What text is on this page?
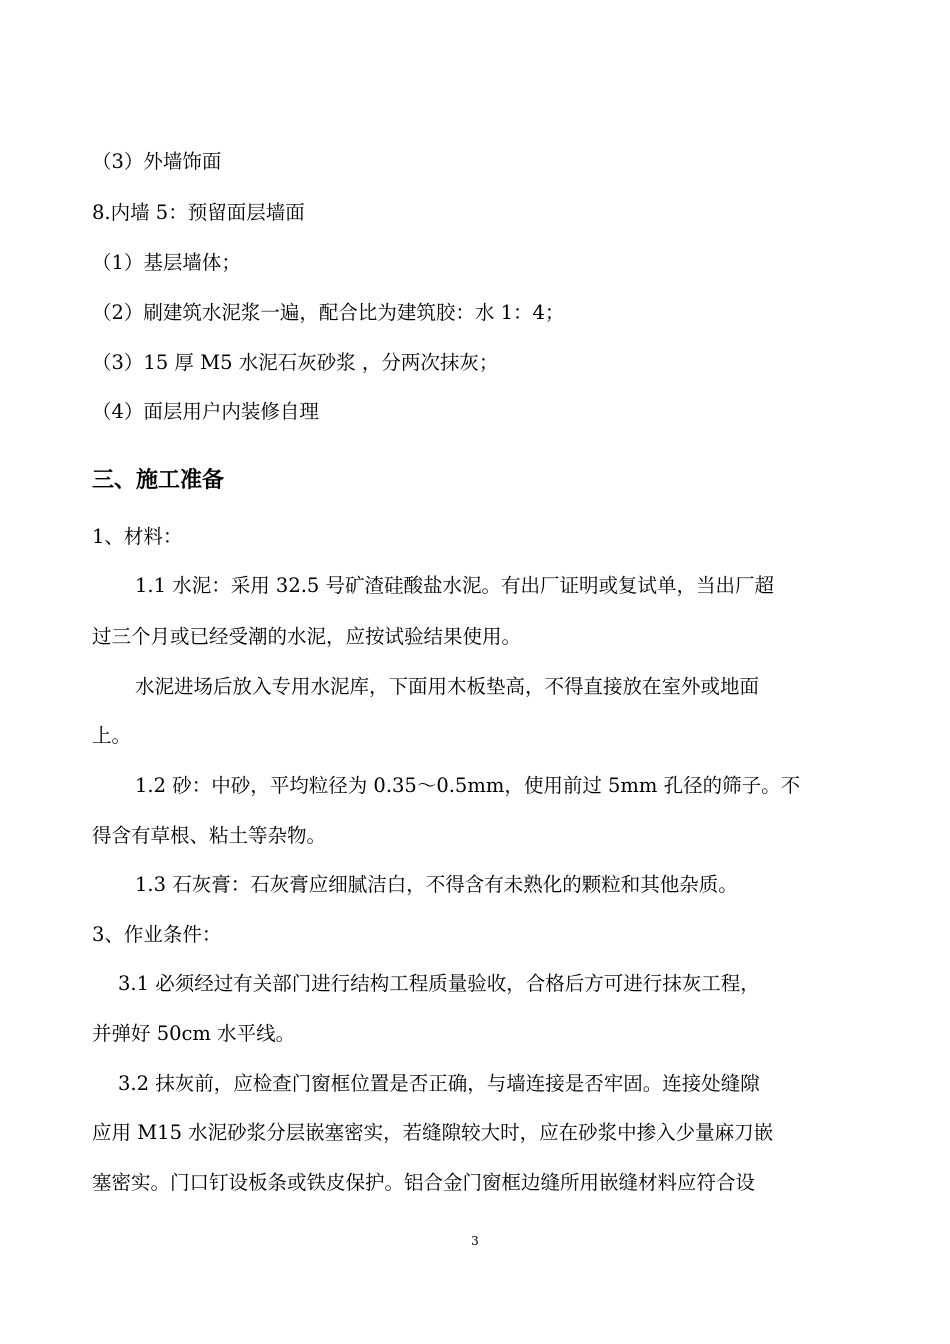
（3）外墙饰面
8.内墙 5：预留面层墙面
（1）基层墙体；
（2）刷建筑水泥浆一遍，配合比为建筑胶：水 1：4；
（3）15 厚 M5 水泥石灰砂浆 ，分两次抹灰；
（4）面层用户内装修自理
三、施工准备
1、材料：
1.1 水泥：采用 32.5 号矿渣硅酸盐水泥。有出厂证明或复试单，当出厂超
过三个月或已经受潮的水泥，应按试验结果使用。
水泥进场后放入专用水泥库，下面用木板垫高，不得直接放在室外或地面
上。
1.2 砂：中砂，平均粒径为 0.35～0.5mm，使用前过 5mm 孔径的筛子。不
得含有草根、粘土等杂物。
1.3 石灰膏：石灰膏应细腻洁白，不得含有未熟化的颗粒和其他杂质。
3、作业条件：
3.1 必须经过有关部门进行结构工程质量验收，合格后方可进行抹灰工程，
并弹好 50cm 水平线。
3.2 抹灰前，应检查门窗框位置是否正确，与墙连接是否牢固。连接处缝隙
应用 M15 水泥砂浆分层嵌塞密实，若缝隙较大时，应在砂浆中掺入少量麻刀嵌
塞密实。门口钉设板条或铁皮保护。铝合金门窗框边缝所用嵌缝材料应符合设
3
